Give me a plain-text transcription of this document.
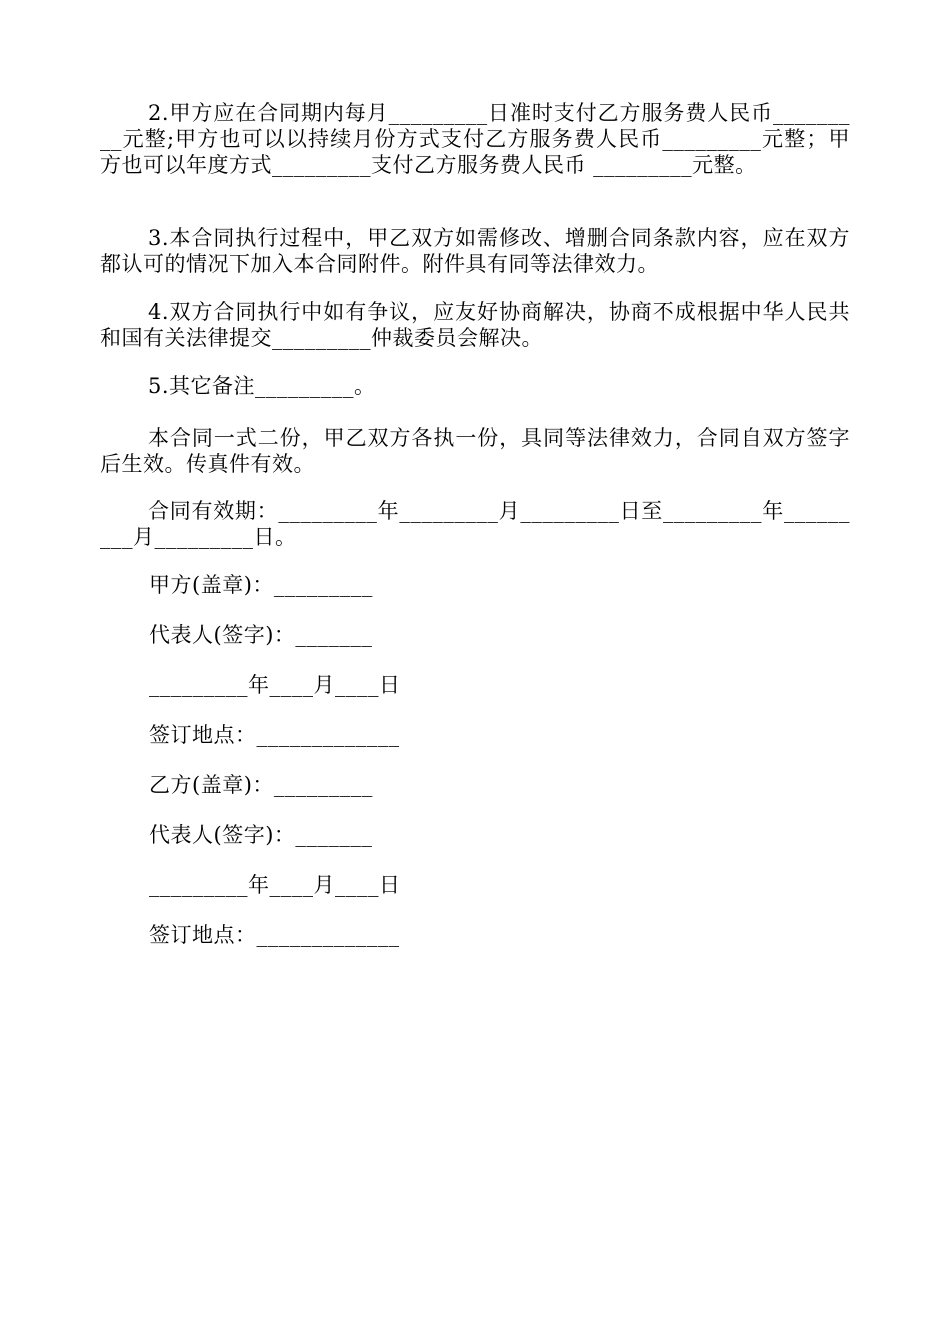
2.甲方应在合同期内每月_________日准时支付乙方服务费人民币_________元整;甲方也可以以持续月份方式支付乙方服务费人民币_________元整；甲方也可以年度方式_________支付乙方服务费人民币 _________元整。
3.本合同执行过程中，甲乙双方如需修改、增删合同条款内容，应在双方都认可的情况下加入本合同附件。附件具有同等法律效力。
4.双方合同执行中如有争议，应友好协商解决，协商不成根据中华人民共和国有关法律提交_________仲裁委员会解决。
5.其它备注_________。
本合同一式二份，甲乙双方各执一份，具同等法律效力，合同自双方签字后生效。传真件有效。
合同有效期：_________年_________月_________日至_________年_________月_________日。
甲方(盖章)：_________
代表人(签字)：_______
_________年____月____日
签订地点：_____________
乙方(盖章)：_________
代表人(签字)：_______
_________年____月____日
签订地点：_____________
